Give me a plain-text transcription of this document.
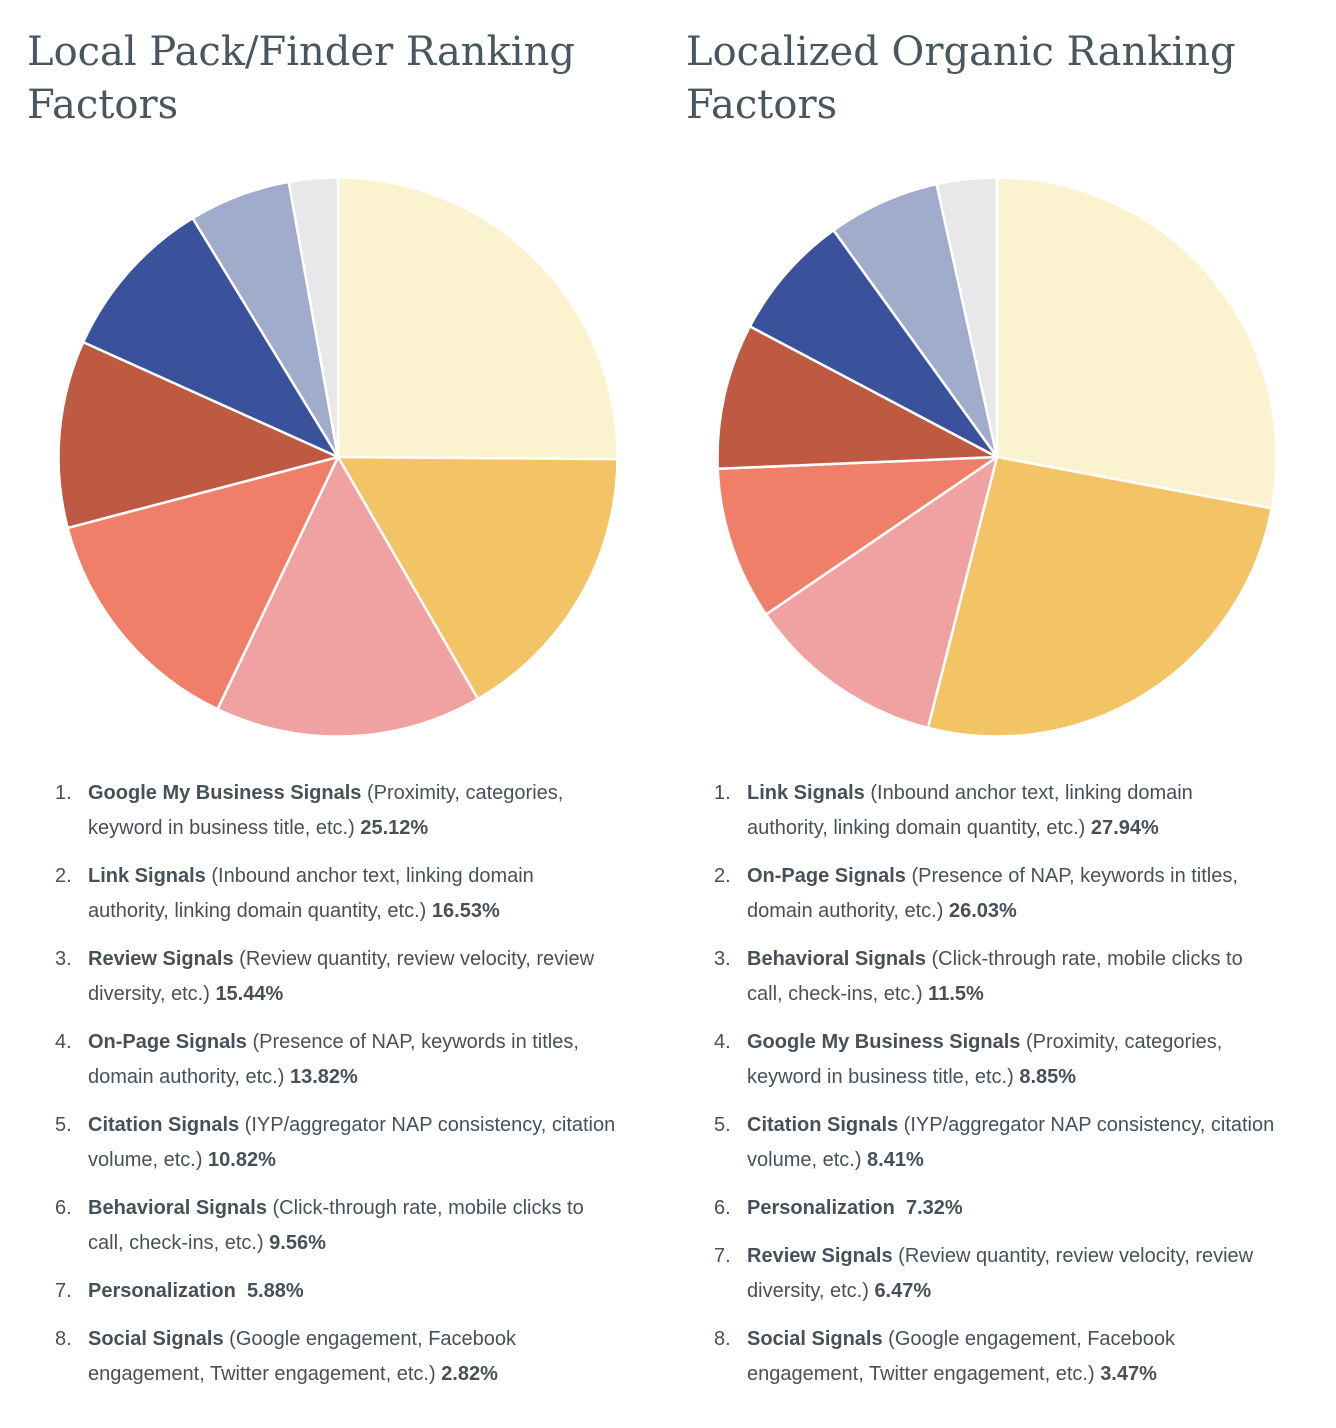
Local Pack/Finder Ranking Factors
1. Google My Business Signals (Proximity, categories, keyword in business title, etc.) 25.12%
2. Link Signals (Inbound anchor text, linking domain authority, linking domain quantity, etc.) 16.53%
3. Review Signals (Review quantity, review velocity, review diversity, etc.) 15.44%
4. On-Page Signals (Presence of NAP, keywords in titles, domain authority, etc.) 13.82%
5. Citation Signals (IYP/aggregator NAP consistency, citation volume, etc.) 10.82%
6. Behavioral Signals (Click-through rate, mobile clicks to call, check-ins, etc.) 9.56%
7. Personalization 5.88%
8. Social Signals (Google engagement, Facebook engagement, Twitter engagement, etc.) 2.82%
Localized Organic Ranking Factors
1. Link Signals (Inbound anchor text, linking domain authority, linking domain quantity, etc.) 27.94%
2. On-Page Signals (Presence of NAP, keywords in titles, domain authority, etc.) 26.03%
3. Behavioral Signals (Click-through rate, mobile clicks to call, check-ins, etc.) 11.5%
4. Google My Business Signals (Proximity, categories, keyword in business title, etc.) 8.85%
5. Citation Signals (IYP/aggregator NAP consistency, citation volume, etc.) 8.41%
6. Personalization 7.32%
7. Review Signals (Review quantity, review velocity, review diversity, etc.) 6.47%
8. Social Signals (Google engagement, Facebook engagement, Twitter engagement, etc.) 3.47%
